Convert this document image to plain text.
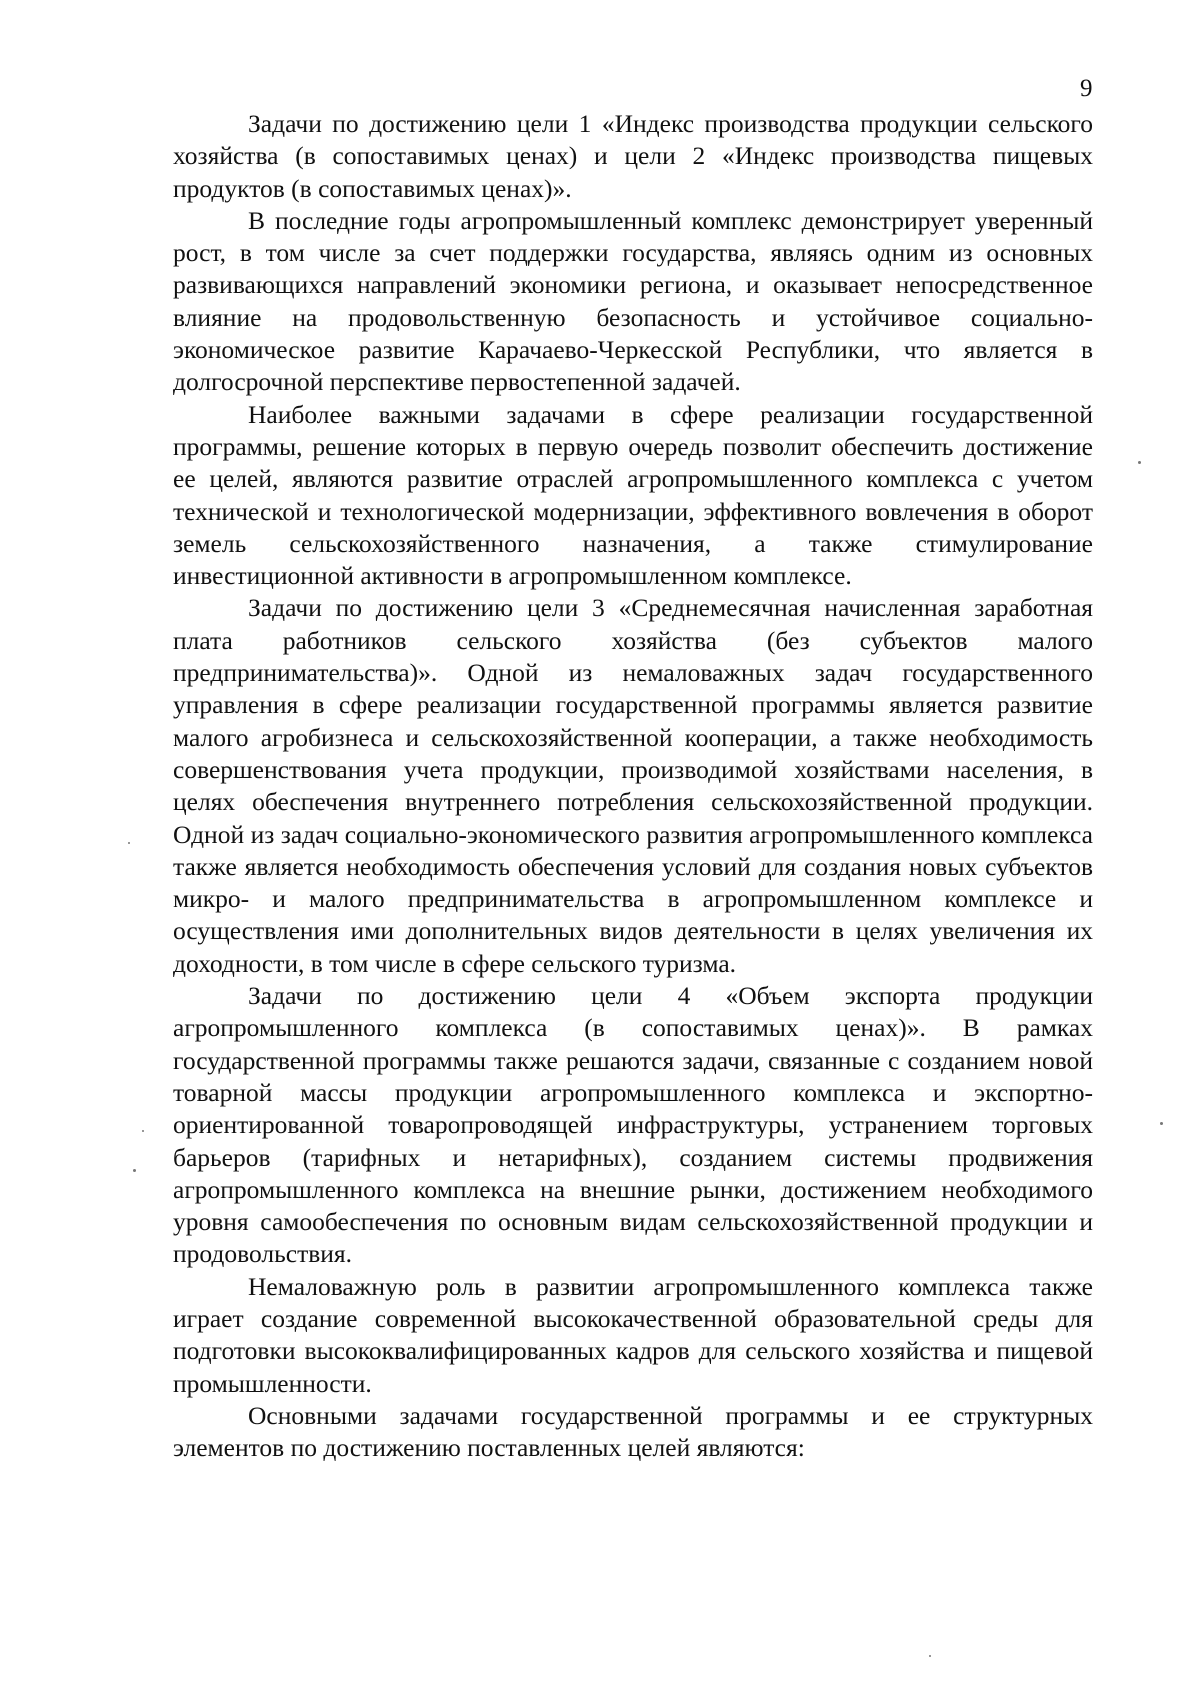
9

Задачи по достижению цели 1 «Индекс производства продукции сельского хозяйства (в сопоставимых ценах) и цели 2 «Индекс производства пищевых продуктов (в сопоставимых ценах)».

В последние годы агропромышленный комплекс демонстрирует уверенный рост, в том числе за счет поддержки государства, являясь одним из основных развивающихся направлений экономики региона, и оказывает непосредственное влияние на продовольственную безопасность и устойчивое социально-экономическое развитие Карачаево-Черкесской Республики, что является в долгосрочной перспективе первостепенной задачей.

Наиболее важными задачами в сфере реализации государственной программы, решение которых в первую очередь позволит обеспечить достижение ее целей, являются развитие отраслей агропромышленного комплекса с учетом технической и технологической модернизации, эффективного вовлечения в оборот земель сельскохозяйственного назначения, а также стимулирование инвестиционной активности в агропромышленном комплексе.

Задачи по достижению цели 3 «Среднемесячная начисленная заработная плата работников сельского хозяйства (без субъектов малого предпринимательства)». Одной из немаловажных задач государственного управления в сфере реализации государственной программы является развитие малого агробизнеса и сельскохозяйственной кооперации, а также необходимость совершенствования учета продукции, производимой хозяйствами населения, в целях обеспечения внутреннего потребления сельскохозяйственной продукции. Одной из задач социально-экономического развития агропромышленного комплекса также является необходимость обеспечения условий для создания новых субъектов микро- и малого предпринимательства в агропромышленном комплексе и осуществления ими дополнительных видов деятельности в целях увеличения их доходности, в том числе в сфере сельского туризма.

Задачи по достижению цели 4 «Объем экспорта продукции агропромышленного комплекса (в сопоставимых ценах)». В рамках государственной программы также решаются задачи, связанные с созданием новой товарной массы продукции агропромышленного комплекса и экспортно-ориентированной товаропроводящей инфраструктуры, устранением торговых барьеров (тарифных и нетарифных), созданием системы продвижения агропромышленного комплекса на внешние рынки, достижением необходимого уровня самообеспечения по основным видам сельскохозяйственной продукции и продовольствия.

Немаловажную роль в развитии агропромышленного комплекса также играет создание современной высококачественной образовательной среды для подготовки высококвалифицированных кадров для сельского хозяйства и пищевой промышленности.

Основными задачами государственной программы и ее структурных элементов по достижению поставленных целей являются:
